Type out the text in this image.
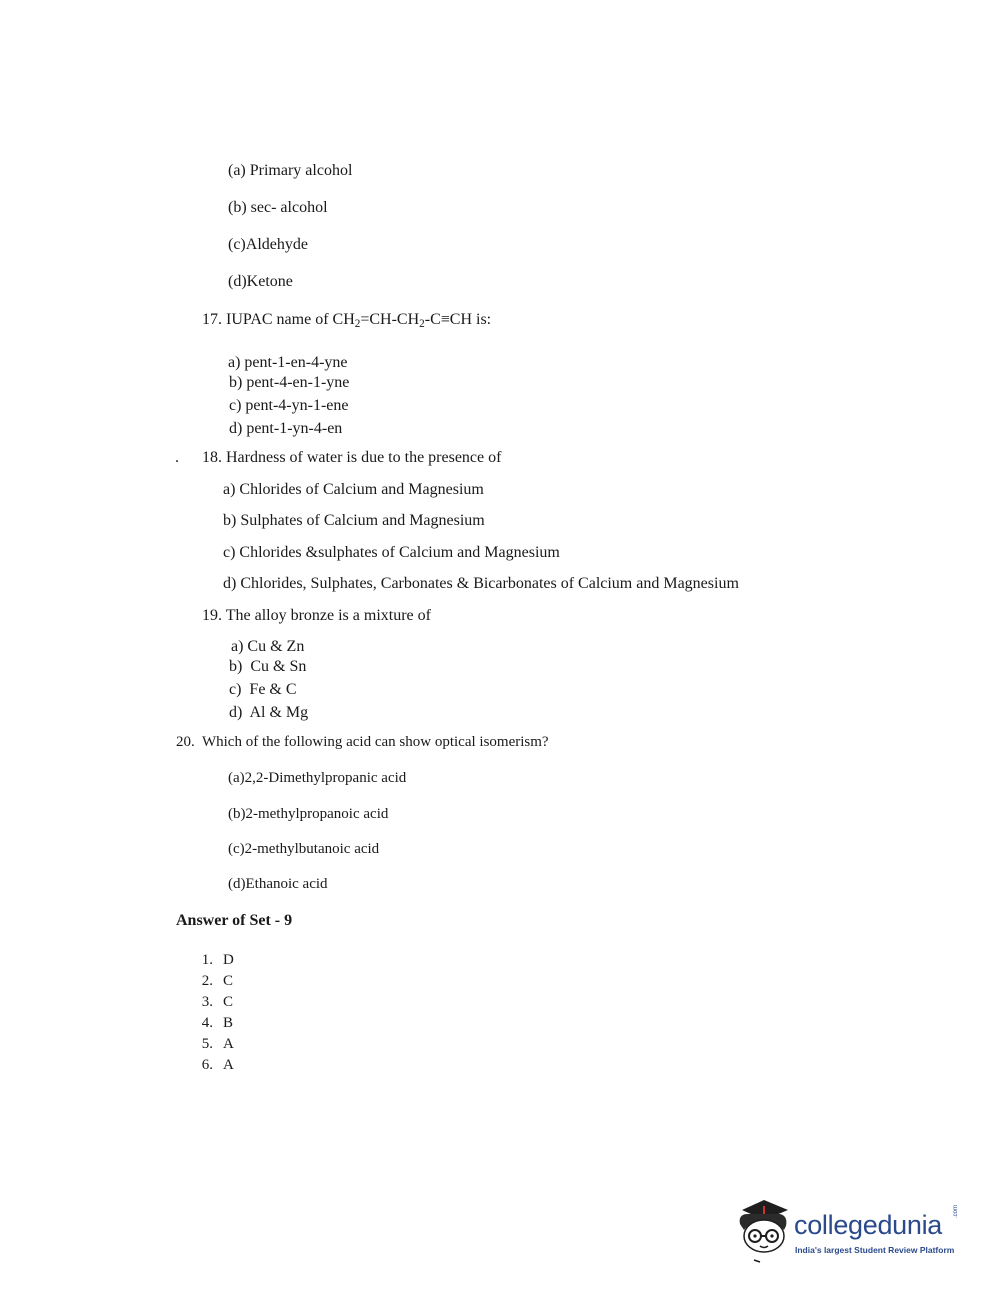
(a) Primary alcohol
(b) sec- alcohol
(c)Aldehyde
(d)Ketone
17. IUPAC name of $CH_2=CH-CH_2-C\equiv CH$ is:
a) pent-1-en-4-yne
b) pent-4-en-1-yne
c) pent-4-yn-1-ene
d) pent-1-yn-4-en
. 18. Hardness of water is due to the presence of
a) Chlorides of Calcium and Magnesium
b) Sulphates of Calcium and Magnesium
c) Chlorides &sulphates of Calcium and Magnesium
d) Chlorides, Sulphates, Carbonates & Bicarbonates of Calcium and Magnesium
19. The alloy bronze is a mixture of
a) Cu & Zn
b)  Cu & Sn
c)  Fe & C
d)  Al & Mg
20.  Which of the following acid can show optical isomerism?
(a)2,2-Dimethylpropanic acid
(b)2-methylpropanoic acid
(c)2-methylbutanoic acid
(d)Ethanoic acid
Answer of Set - 9
1. D
2. C
3. C
4. B
5. A
6. A
collegedunia .com
India's largest Student Review Platform
